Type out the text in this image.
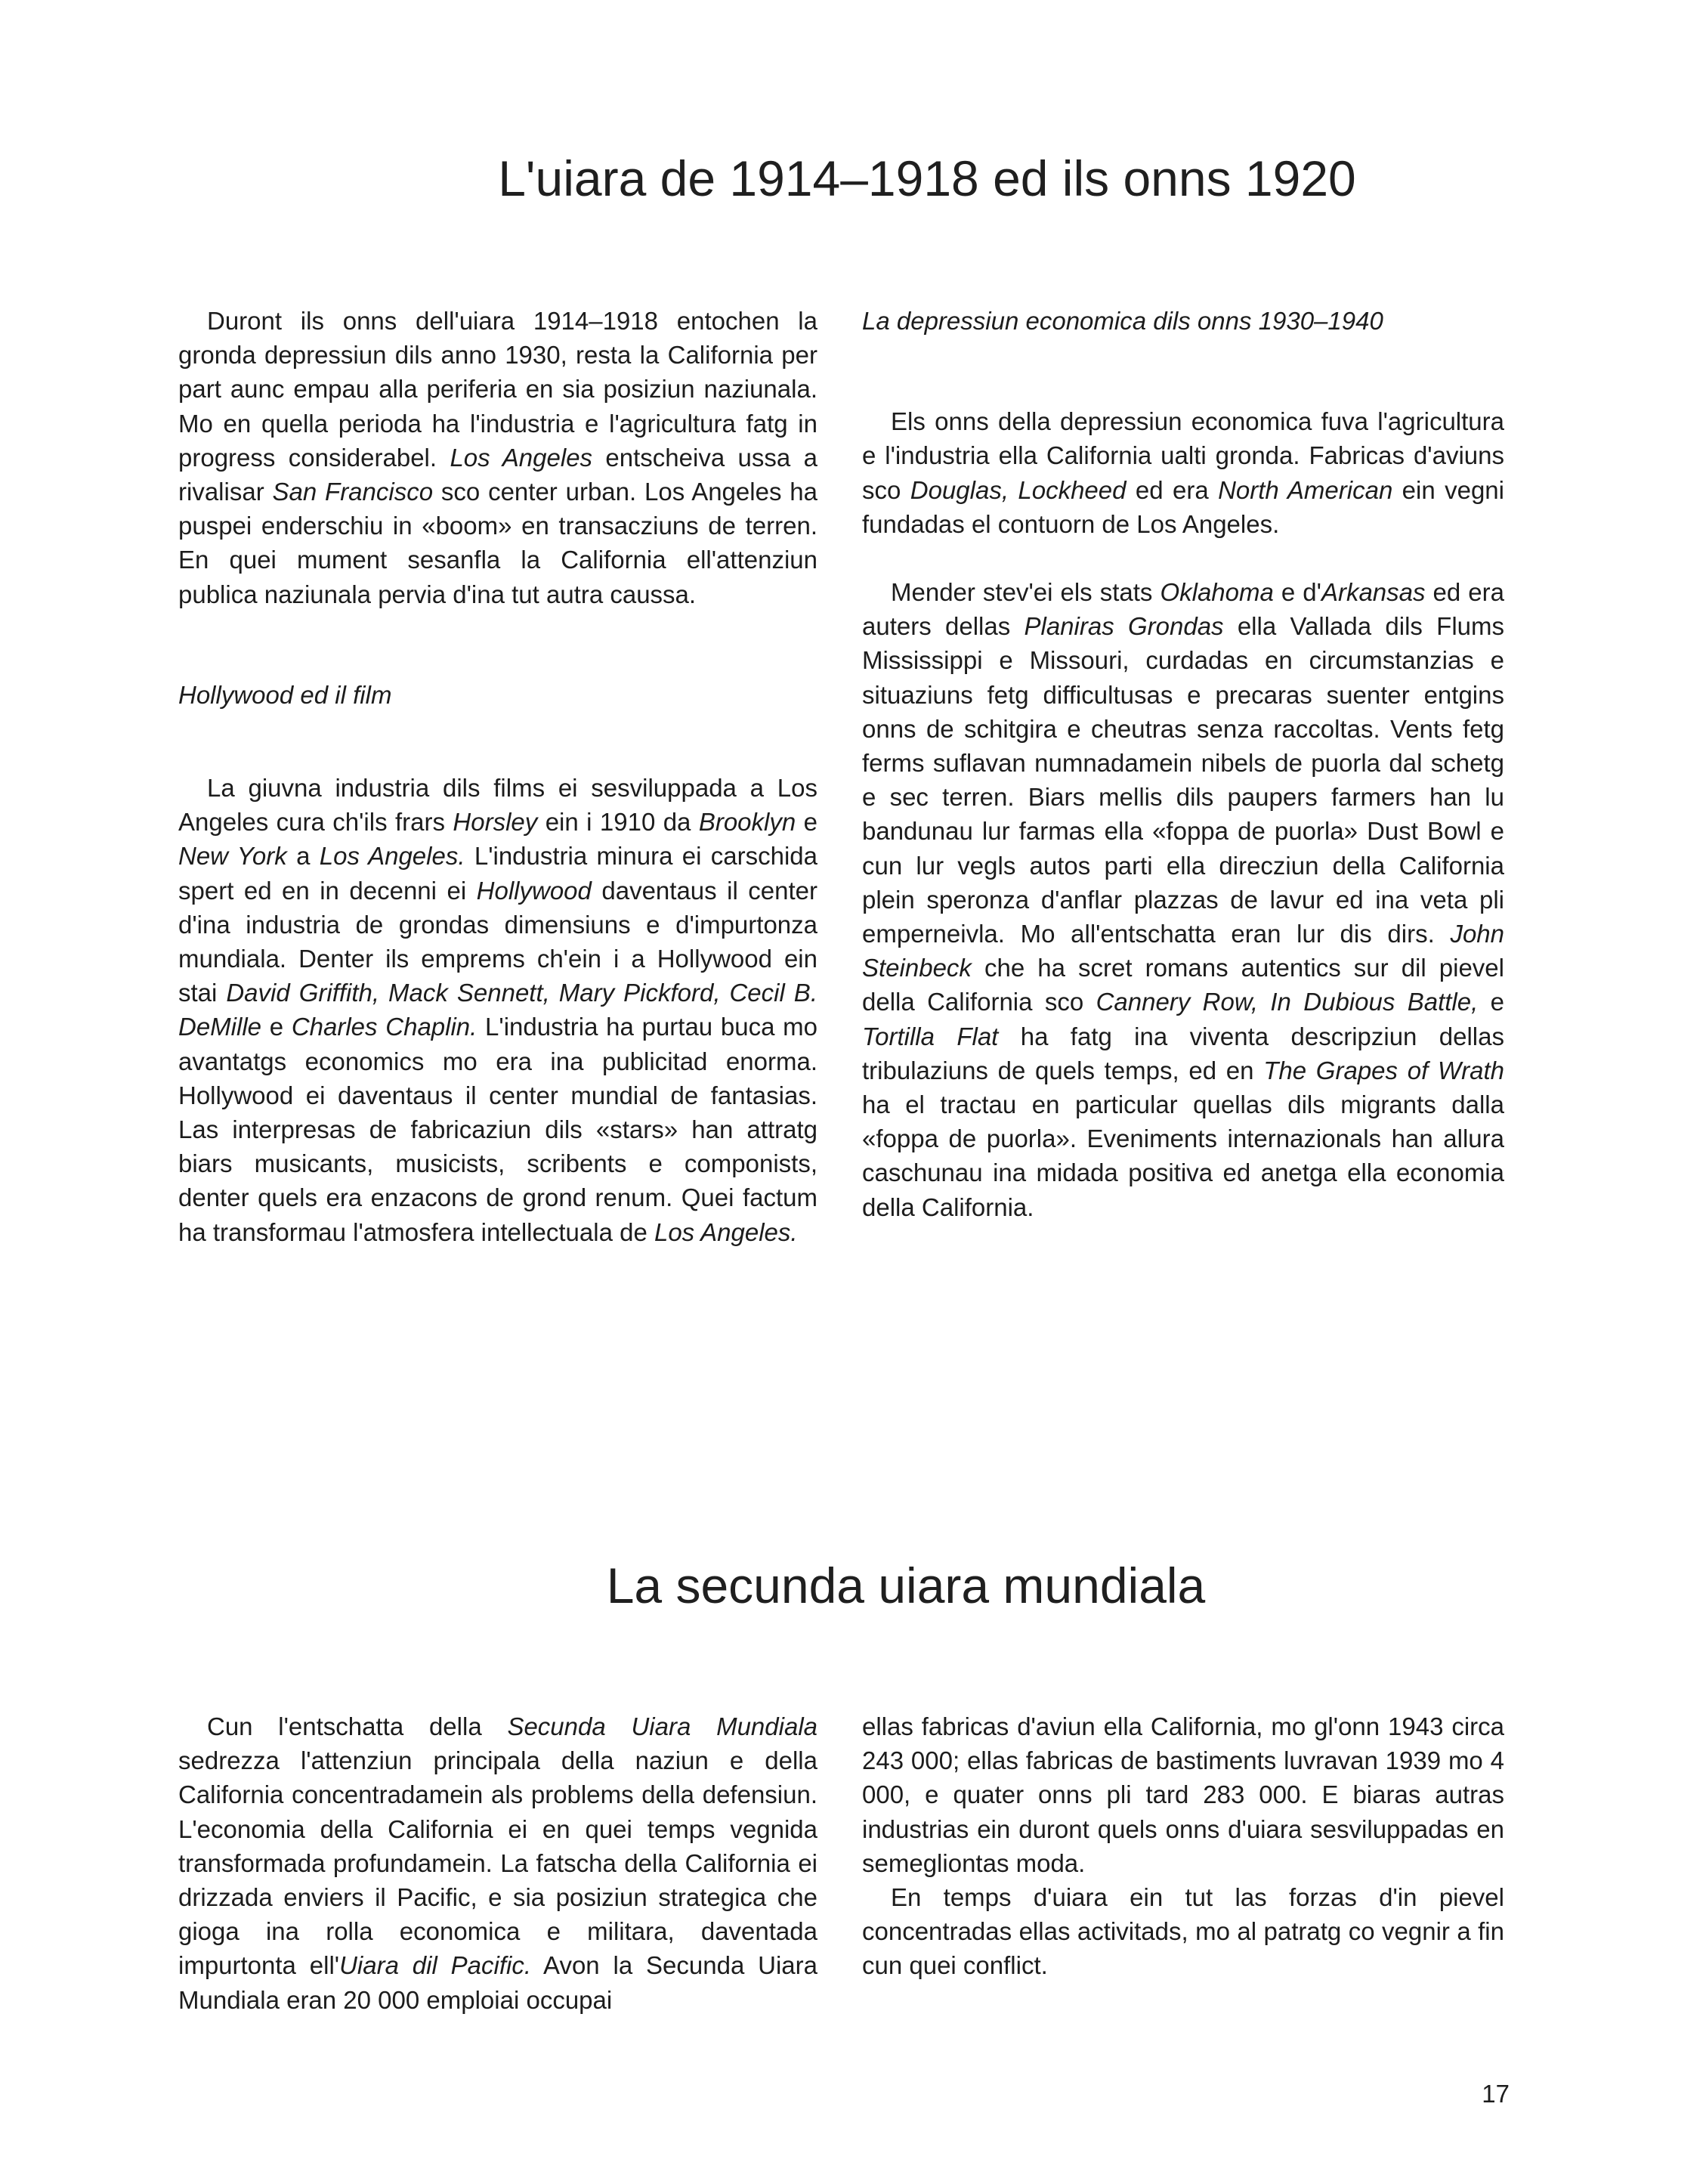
L'uiara de 1914–1918 ed ils onns 1920

Duront ils onns dell'uiara 1914–1918 entochen la gronda depressiun dils anno 1930, resta la California per part aunc empau alla periferia en sia posiziun naziunala. Mo en quella perioda ha l'industria e l'agricultura fatg in progress considerabel. Los Angeles entscheiva ussa a rivalisar San Francisco sco center urban. Los Angeles ha puspei enderschiu in «boom» en transacziuns de terren. En quei mument sesanfla la California ell'attenziun publica naziunala pervia d'ina tut autra caussa.

Hollywood ed il film

La giuvna industria dils films ei sesviluppada a Los Angeles cura ch'ils frars Horsley ein i 1910 da Brooklyn e New York a Los Angeles. L'industria minura ei carschida spert ed en in decenni ei Hollywood daventaus il center d'ina industria de grondas dimensiuns e d'impurtonza mundiala. Denter ils emprems ch'ein i a Hollywood ein stai David Griffith, Mack Sennett, Mary Pickford, Cecil B. DeMille e Charles Chaplin. L'industria ha purtau buca mo avantatgs economics mo era ina publicitad enorma. Hollywood ei daventaus il center mundial de fantasias. Las interpresas de fabricaziun dils «stars» han attratg biars musicants, musicists, scribents e componists, denter quels era enzacons de grond renum. Quei factum ha transformau l'atmosfera intellectuala de Los Angeles.

La depressiun economica dils onns 1930–1940

Els onns della depressiun economica fuva l'agricultura e l'industria ella California ualti gronda. Fabricas d'aviuns sco Douglas, Lockheed ed era North American ein vegni fundadas el contuorn de Los Angeles.

Mender stev'ei els stats Oklahoma e d'Arkansas ed era auters dellas Planiras Grondas ella Vallada dils Flums Mississippi e Missouri, curdadas en circumstanzias e situaziuns fetg difficultusas e precaras suenter entgins onns de schitgira e cheutras senza raccoltas. Vents fetg ferms suflavan numnadamein nibels de puorla dal schetg e sec terren. Biars mellis dils paupers farmers han lu bandunau lur farmas ella «foppa de puorla» Dust Bowl e cun lur vegls autos parti ella direcziun della California plein speronza d'anflar plazzas de lavur ed ina veta pli emperneivla. Mo all'entschatta eran lur dis dirs. John Steinbeck che ha scret romans autentics sur dil pievel della California sco Cannery Row, In Dubious Battle, e Tortilla Flat ha fatg ina viventa descripziun dellas tribulaziuns de quels temps, ed en The Grapes of Wrath ha el tractau en particular quellas dils migrants dalla «foppa de puorla». Eveniments internazionals han allura caschunau ina midada positiva ed anetga ella economia della California.

La secunda uiara mundiala

Cun l'entschatta della Secunda Uiara Mundiala sedrezza l'attenziun principala della naziun e della California concentradamein als problems della defensiun. L'economia della California ei en quei temps vegnida transformada profundamein. La fatscha della California ei drizzada enviers il Pacific, e sia posiziun strategica che gioga ina rolla economica e militara, daventada impurtonta ell'Uiara dil Pacific. Avon la Secunda Uiara Mundiala eran 20 000 emploiai occupai

ellas fabricas d'aviun ella California, mo gl'onn 1943 circa 243 000; ellas fabricas de bastiments luvravan 1939 mo 4 000, e quater onns pli tard 283 000. E biaras autras industrias ein duront quels onns d'uiara sesviluppadas en semegliontas moda.

En temps d'uiara ein tut las forzas d'in pievel concentradas ellas activitads, mo al patratg co vegnir a fin cun quei conflict.

17
